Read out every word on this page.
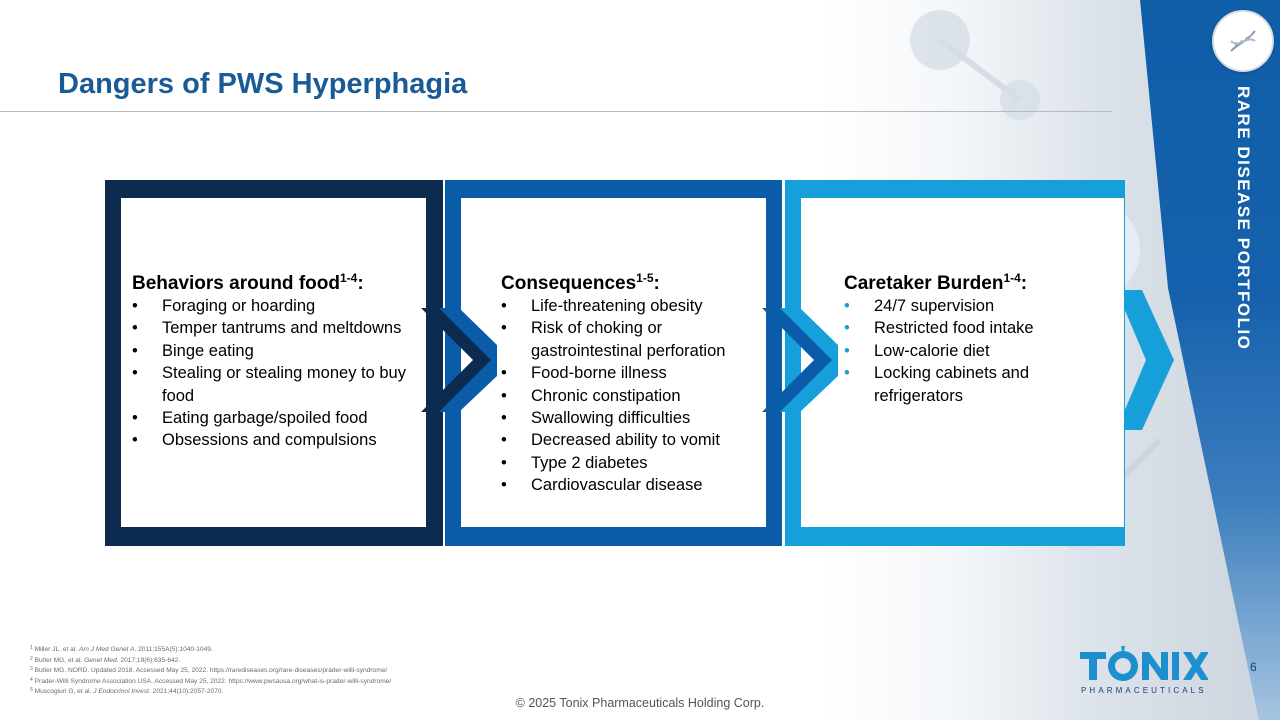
RARE DISEASE PORTFOLIO
Dangers of PWS Hyperphagia
Behaviors around food$^{1-4}$:
• Foraging or hoarding
• Temper tantrums and meltdowns
• Binge eating
• Stealing or stealing money to buy food
• Eating garbage/spoiled food
• Obsessions and compulsions
Consequences$^{1-5}$:
• Life-threatening obesity
• Risk of choking or gastrointestinal perforation
• Food-borne illness
• Chronic constipation
• Swallowing difficulties
• Decreased ability to vomit
• Type 2 diabetes
• Cardiovascular disease
Caretaker Burden$^{1-4}$:
• 24/7 supervision
• Restricted food intake
• Low-calorie diet
• Locking cabinets and refrigerators
$^1$ Miller JL, et al. Am J Med Genet A. 2011;155A(5):1040-1049.
$^2$ Butler MG, et al. Genet Med. 2017;19(6):635-642.
$^3$ Butler MG. NORD. Updated 2018. Accessed May 25, 2022. https://rarediseases.org/rare-diseases/prader-willi-syndrome/
$^4$ Prader-Willi Syndrome Association USA. Accessed May 25, 2022. https://www.pwsausa.org/what-is-prader-willi-syndrome/
$^5$ Muscogiuri G, et al. J Endocrinol Invest. 2021;44(10):2057-2070.	PHARMACEUTICALS
TONIX
6
© 2025 Tonix Pharmaceuticals Holding Corp.
